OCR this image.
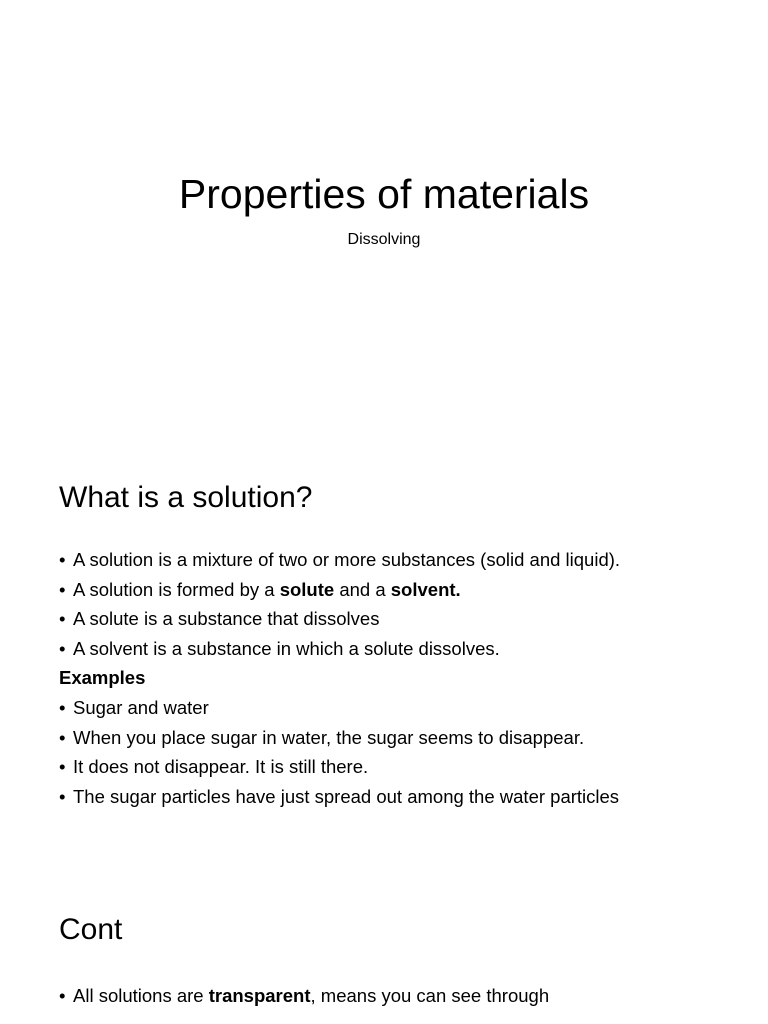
Properties of materials

Dissolving

What is a solution?
• A solution is a mixture of two or more substances (solid and liquid).
• A solution is formed by a solute and a solvent.
• A solute is a substance that dissolves
• A solvent is a substance in which a solute dissolves.
Examples
• Sugar and water
• When you place sugar in water, the sugar seems to disappear.
• It does not disappear. It is still there.
• The sugar particles have just spread out among the water particles
Cont
• All solutions are transparent, means you can see through
